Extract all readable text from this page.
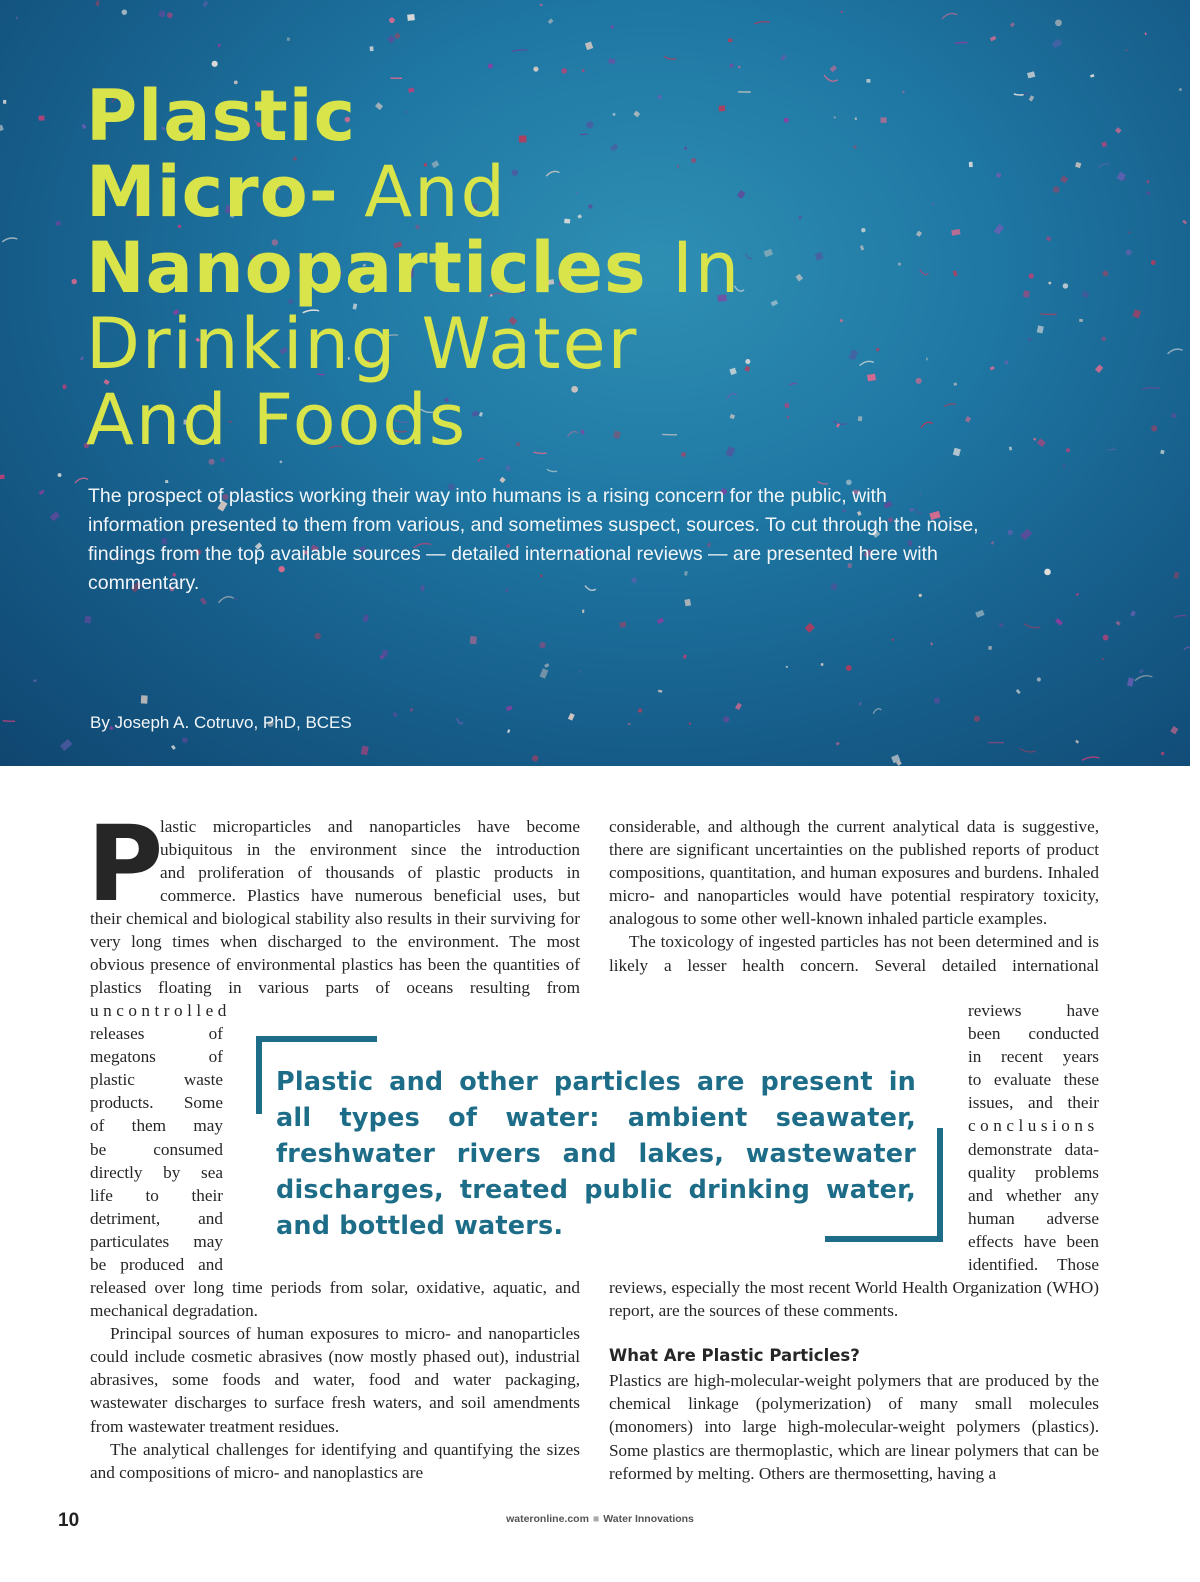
Plastic
Micro- And
Nanoparticles In
Drinking Water
And Foods

The prospect of plastics working their way into humans is a rising concern for the public, with information presented to them from various, and sometimes suspect, sources. To cut through the noise, findings from the top available sources — detailed international reviews — are presented here with commentary.

By Joseph A. Cotruvo, PhD, BCES
P
lastic microparticles and nanoparticles have become
ubiquitous in the environment since the introduction
and proliferation of thousands of plastic products in
commerce. Plastics have numerous beneficial uses, but

their chemical and biological stability also results in their surviving for very long times when discharged to the environment. The most obvious presence of environmental plastics has been the quantities of plastics floating in various parts of oceans resulting from

uncontrolled
releases of
megatons of
plastic waste
products. Some
of them may
be consumed
directly by sea
life to their
detriment, and
particulates may
be produced and

released over long time periods from solar, oxidative, aquatic, and mechanical degradation.

Principal sources of human exposures to micro- and nanoparticles could include cosmetic abrasives (now mostly phased out), industrial abrasives, some foods and water, food and water packaging, wastewater discharges to surface fresh waters, and soil amendments from wastewater treatment residues.

The analytical challenges for identifying and quantifying the sizes and compositions of micro- and nanoplastics are

considerable, and although the current analytical data is suggestive, there are significant uncertainties on the published reports of product compositions, quantitation, and human exposures and burdens. Inhaled micro- and nanoparticles would have potential respiratory toxicity, analogous to some other well-known inhaled particle examples.

The toxicology of ingested particles has not been determined and is likely a lesser health concern. Several detailed international

reviews have
been conducted
in recent years
to evaluate these
issues, and their
conclusions
demonstrate data-
quality problems
and whether any
human adverse
effects have been
identified. Those

reviews, especially the most recent World Health Organization (WHO) report, are the sources of these comments.

What Are Plastic Particles?

Plastics are high-molecular-weight polymers that are produced by the chemical linkage (polymerization) of many small molecules (monomers) into large high-molecular-weight polymers (plastics). Some plastics are thermoplastic, which are linear polymers that can be reformed by melting. Others are thermosetting, having a

Plastic and other particles are present in all types of water: ambient seawater, freshwater rivers and lakes, wastewater discharges, treated public drinking water, and bottled waters.

10	wateronline.com ■ Water Innovations
